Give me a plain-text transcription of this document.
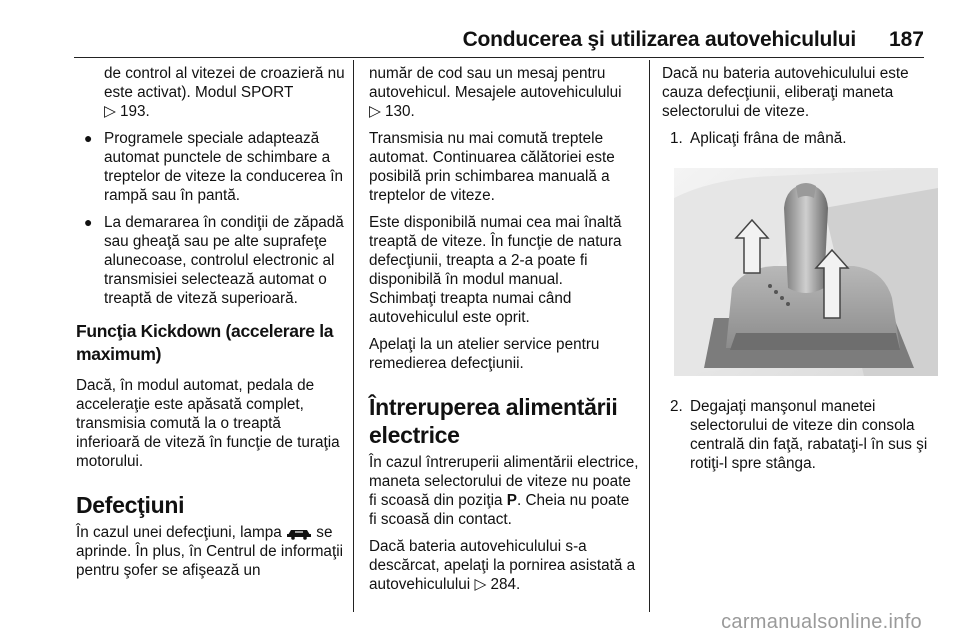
Conducerea şi utilizarea autovehiculului 187

de control al vitezei de croazieră nu este activat). Modul SPORT
▷ 193.

● Programele speciale adaptează automat punctele de schimbare a treptelor de viteze la conducerea în rampă sau în pantă.
● La demararea în condiţii de zăpadă sau gheaţă sau pe alte suprafeţe alunecoase, controlul electronic al transmisiei selectează automat o treaptă de viteză superioară.
Funcţia Kickdown (accelerare la maximum)

Dacă, în modul automat, pedala de acceleraţie este apăsată complet, transmisia comută la o treaptă inferioară de viteză în funcţie de turaţia motorului.

Defecţiuni

În cazul unei defecţiuni, lampa se aprinde. În plus, în Centrul de informaţii pentru şofer se afişează un

număr de cod sau un mesaj pentru autovehicul. Mesajele autovehiculului
▷ 130.

Transmisia nu mai comută treptele automat. Continuarea călătoriei este posibilă prin schimbarea manuală a treptelor de viteze.

Este disponibilă numai cea mai înaltă treaptă de viteze. În funcţie de natura defecţiunii, treapta a 2-a poate fi disponibilă în modul manual.

Schimbaţi treapta numai când autovehiculul este oprit.

Apelaţi la un atelier service pentru remedierea defecţiunii.

Întreruperea alimentării electrice

În cazul întreruperii alimentării electrice, maneta selectorului de viteze nu poate fi scoasă din poziţia P. Cheia nu poate fi scoasă din contact.

Dacă bateria autovehiculului s-a descărcat, apelaţi la pornirea asistată a autovehiculului ▷ 284.

Dacă nu bateria autovehiculului este cauza defecţiunii, eliberaţi maneta selectorului de viteze.

1. Aplicaţi frâna de mână.
2. Degajaţi manşonul manetei selectorului de viteze din consola centrală din faţă, rabataţi-l în sus şi rotiţi-l spre stânga.
carmanualsonline.info
